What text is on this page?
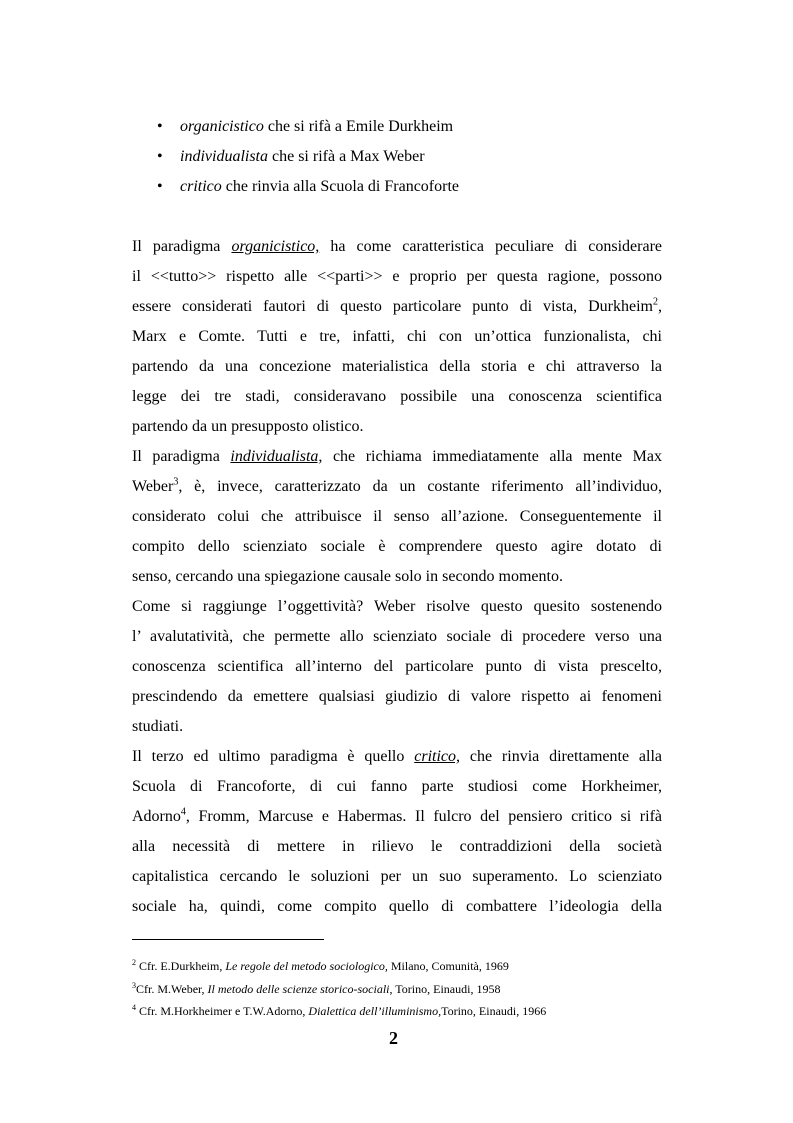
• organicistico che si rifà a Emile Durkheim
• individualista che si rifà a Max Weber
• critico che rinvia alla Scuola di Francoforte
Il paradigma organicistico, ha come caratteristica peculiare di considerare
il <<tutto>> rispetto alle <<parti>> e proprio per questa ragione, possono
essere considerati fautori di questo particolare punto di vista, Durkheim$^2$,
Marx e Comte. Tutti e tre, infatti, chi con un’ottica funzionalista, chi
partendo da una concezione materialistica della storia e chi attraverso la
legge dei tre stadi, consideravano possibile una conoscenza scientifica
partendo da un presupposto olistico.
Il paradigma individualista, che richiama immediatamente alla mente Max
Weber$^3$, è, invece, caratterizzato da un costante riferimento all’individuo,
considerato colui che attribuisce il senso all’azione. Conseguentemente il
compito dello scienziato sociale è comprendere questo agire dotato di
senso, cercando una spiegazione causale solo in secondo momento.
Come si raggiunge l’oggettività? Weber risolve questo quesito sostenendo
l’ avalutatività, che permette allo scienziato sociale di procedere verso una
conoscenza scientifica all’interno del particolare punto di vista prescelto,
prescindendo da emettere qualsiasi giudizio di valore rispetto ai fenomeni
studiati.
Il terzo ed ultimo paradigma è quello critico, che rinvia direttamente alla
Scuola di Francoforte, di cui fanno parte studiosi come Horkheimer,
Adorno$^4$, Fromm, Marcuse e Habermas. Il fulcro del pensiero critico si rifà
alla necessità di mettere in rilievo le contraddizioni della società
capitalistica cercando le soluzioni per un suo superamento. Lo scienziato
sociale ha, quindi, come compito quello di combattere l’ideologia della
$^2$ Cfr. E.Durkheim, Le regole del metodo sociologico, Milano, Comunità, 1969
$^3$Cfr. M.Weber, Il metodo delle scienze storico-sociali, Torino, Einaudi, 1958
$^4$ Cfr. M.Horkheimer e T.W.Adorno, Dialettica dell’illuminismo,Torino, Einaudi, 1966
2
